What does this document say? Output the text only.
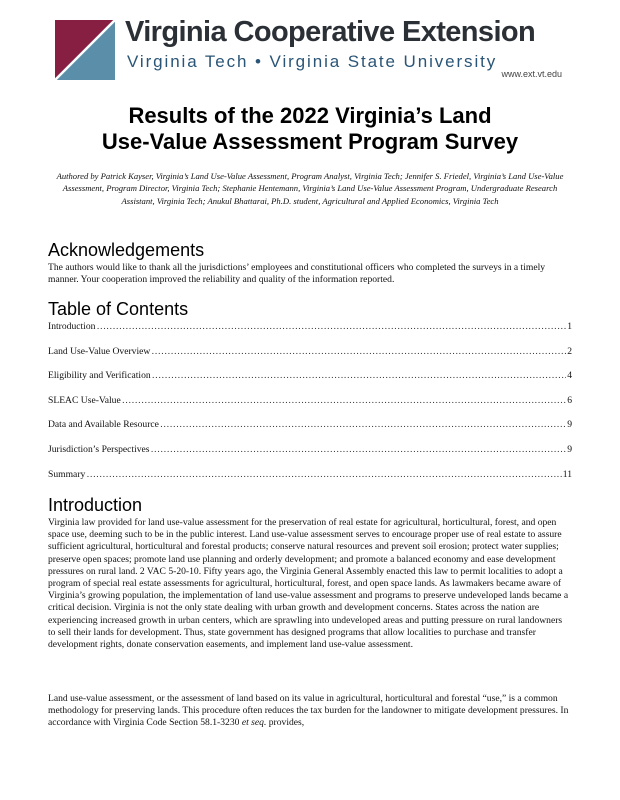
Virginia Cooperative Extension
Virginia Tech • Virginia State University
www.ext.vt.edu
Results of the 2022 Virginia’s Land
Use-Value Assessment Program Survey
Authored by Patrick Kayser, Virginia’s Land Use-Value Assessment, Program Analyst, Virginia Tech; Jennifer S. Friedel, Virginia’s Land Use-Value Assessment, Program Director, Virginia Tech; Stephanie Hentemann, Virginia’s Land Use-Value Assessment Program, Undergraduate Research Assistant, Virginia Tech; Anukul Bhattarai, Ph.D. student, Agricultural and Applied Economics, Virginia Tech
Acknowledgements
The authors would like to thank all the jurisdictions’ employees and constitutional officers who completed the surveys in a timely manner. Your cooperation improved the reliability and quality of the information reported.
Table of Contents
Introduction ……………………………………………………………………………………………………………………………………………………………………………	1
Land Use-Value Overview ……………………………………………………………………………………………………………………………………………………………………………	2
Eligibility and Verification ……………………………………………………………………………………………………………………………………………………………………………	4
SLEAC Use-Value ……………………………………………………………………………………………………………………………………………………………………………	6
Data and Available Resource ……………………………………………………………………………………………………………………………………………………………………………	9
Jurisdiction’s Perspectives ……………………………………………………………………………………………………………………………………………………………………………	9
Summary ……………………………………………………………………………………………………………………………………………………………………………	11
Introduction
Virginia law provided for land use-value assessment for the preservation of real estate for agricultural, horticultural, forest, and open space use, deeming such to be in the public interest. Land use-value assessment serves to encourage proper use of real estate to assure sufficient agricultural, horticultural and forestal products; conserve natural resources and prevent soil erosion; protect water supplies; preserve open spaces; promote land use planning and orderly development; and promote a balanced economy and ease development pressures on rural land. 2 VAC 5-20-10. Fifty years ago, the Virginia General Assembly enacted this law to permit localities to adopt a program of special real estate assessments for agricultural, horticultural, forest, and open space lands. As lawmakers became aware of Virginia’s growing population, the implementation of land use-value assessment and programs to preserve undeveloped lands became a critical decision. Virginia is not the only state dealing with urban growth and development concerns. States across the nation are experiencing increased growth in urban centers, which are sprawling into undeveloped areas and putting pressure on rural landowners to sell their lands for development. Thus, state government has designed programs that allow localities to purchase and transfer development rights, donate conservation easements, and implement land use-value assessment.
Land use-value assessment, or the assessment of land based on its value in agricultural, horticultural and forestal “use,” is a common methodology for preserving lands. This procedure often reduces the tax burden for the landowner to mitigate development pressures. In accordance with Virginia Code Section 58.1-3230 et seq. provides,
